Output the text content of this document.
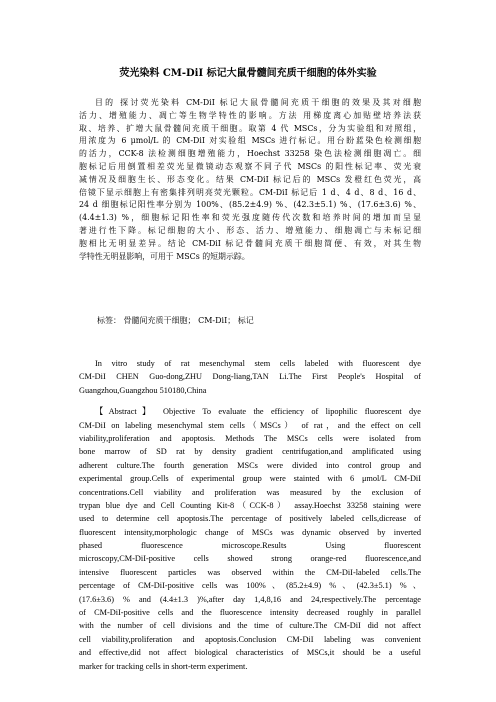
荧光染料 CM-DiI 标记大鼠骨髓间充质干细胞的体外实验
目的 探讨荧光染料 CM-DiI 标记大鼠骨髓间充质干细胞的效果及其对细胞
活力、增殖能力、凋亡等生物学特性的影响。方法 用梯度离心加贴壁培养法获
取、培养、扩增大鼠骨髓间充质干细胞。取第 4 代 MSCs，分为实验组和对照组，
用浓度为 6 μmol/L 的 CM-DiI 对实验组 MSCs 进行标记。用台盼蓝染色检测细胞
的活力，CCK-8 法检测细胞增殖能力，Hoechst 33258 染色法检测细胞凋亡。细
胞标记后用倒置相差荧光显微镜动态观察不同子代 MSCs 的阳性标记率、荧光衰
减情况及细胞生长、形态变化。结果 CM-DiI 标记后的 MSCs 发橙红色荧光，高
倍镜下显示细胞上有密集排列明亮荧光颗粒。CM-DiI 标记后 1 d、4 d、8 d、16 d、
24 d 细胞标记阳性率分别为 100%、(85.2±4.9) %、(42.3±5.1) %、(17.6±3.6) %、
(4.4±1.3) %，细胞标记阳性率和荧光强度随传代次数和培养时间的增加而呈显
著进行性下降。标记细胞的大小、形态、活力、增殖能力、细胞凋亡与未标记细
胞相比无明显差异。结论 CM-DiI 标记骨髓间充质干细胞简便、有效，对其生物
学特性无明显影响，可用于 MSCs 的短期示踪。
标签： 骨髓间充质干细胞； CM-DiI； 标记
In vitro study of rat mesenchymal stem cells labeled with fluorescent dye
CM-DiI CHEN Guo-dong,ZHU Dong-liang,TAN Li.The First People's Hospital of
Guangzhou,Guangzhou 510180,China
【Abstract】 Objective To evaluate the efficiency of lipophilic fluorescent dye
CM-DiI on labeling mesenchymal stem cells（MSCs） of rat，and the effect on cell
viability,proliferation and apoptosis. Methods The MSCs cells were isolated from
bone marrow of SD rat by density gradient centrifugation,and amplificated using
adherent culture.The fourth generation MSCs were divided into control group and
experimental group.Cells of experimental group were stainted with 6 μmol/L CM-DiI
concentrations.Cell viability and proliferation was measured by the exclusion of
trypan blue dye and Cell Counting Kit-8（CCK-8） assay.Hoechst 33258 staining were
used to determine cell apoptosis.The percentage of positively labeled cells,dicrease of
fluorescent intensity,morphologic change of MSCs was dynamic observed by inverted
phased fluorescence microscope.Results Using fluorescent
microscopy,CM-DiI-positive cells showed strong orange-red fluorescence,and
intensive fluorescent particles was observed within the CM-DiI-labeled cells.The
percentage of CM-DiI-positive cells was 100%、(85.2±4.9) %、(42.3±5.1) %、
(17.6±3.6) % and (4.4±1.3 )%,after day 1,4,8,16 and 24,respectively.The percentage
of CM-DiI-positive cells and the fluorescence intensity decreased roughly in parallel
with the number of cell divisions and the time of culture.The CM-DiI did not affect
cell viability,proliferation and apoptosis.Conclusion CM-DiI labeling was convenient
and effective,did not affect biological characteristics of MSCs,it should be a useful
marker for tracking cells in short-term experiment.
